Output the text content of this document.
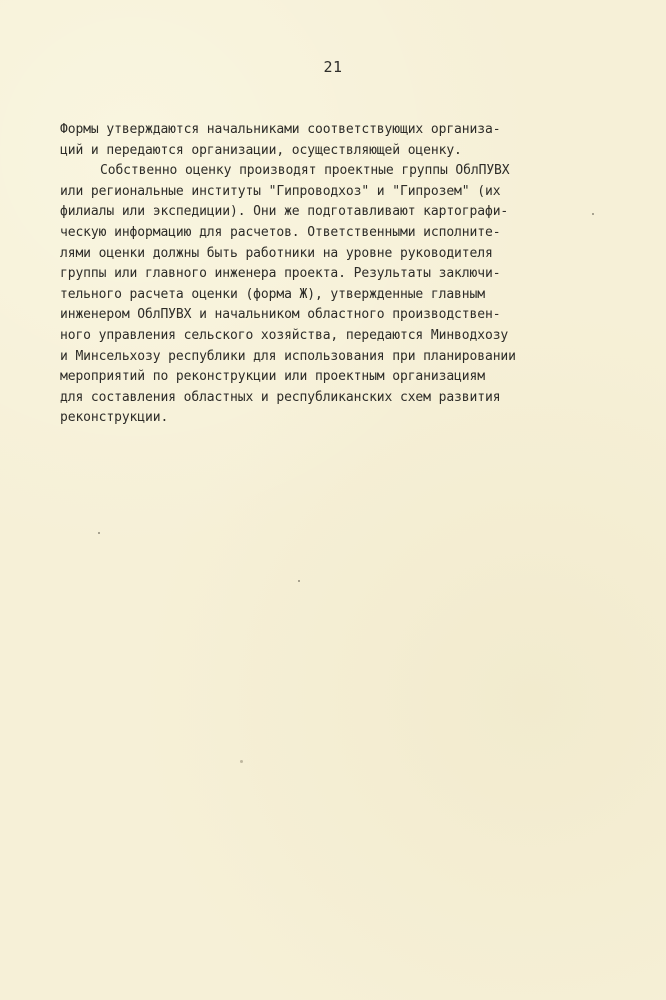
21
Формы утверждаются начальниками соответствующих организа-
ций и передаются организации, осуществляющей оценку.
Собственно оценку производят проектные группы ОблПУВХ
или региональные институты "Гипроводхоз" и "Гипрозем" (их
филиалы или экспедиции). Они же подготавливают картографи-
ческую информацию для расчетов. Ответственными исполните-
лями оценки должны быть работники на уровне руководителя
группы или главного инженера проекта. Результаты заключи-
тельного расчета оценки (форма Ж), утвержденные главным
инженером ОблПУВХ и начальником областного производствен-
ного управления сельского хозяйства, передаются Минводхозу
и Минсельхозу республики для использования при планировании
мероприятий по реконструкции или проектным организациям
для составления областных и республиканских схем развития
реконструкции.
